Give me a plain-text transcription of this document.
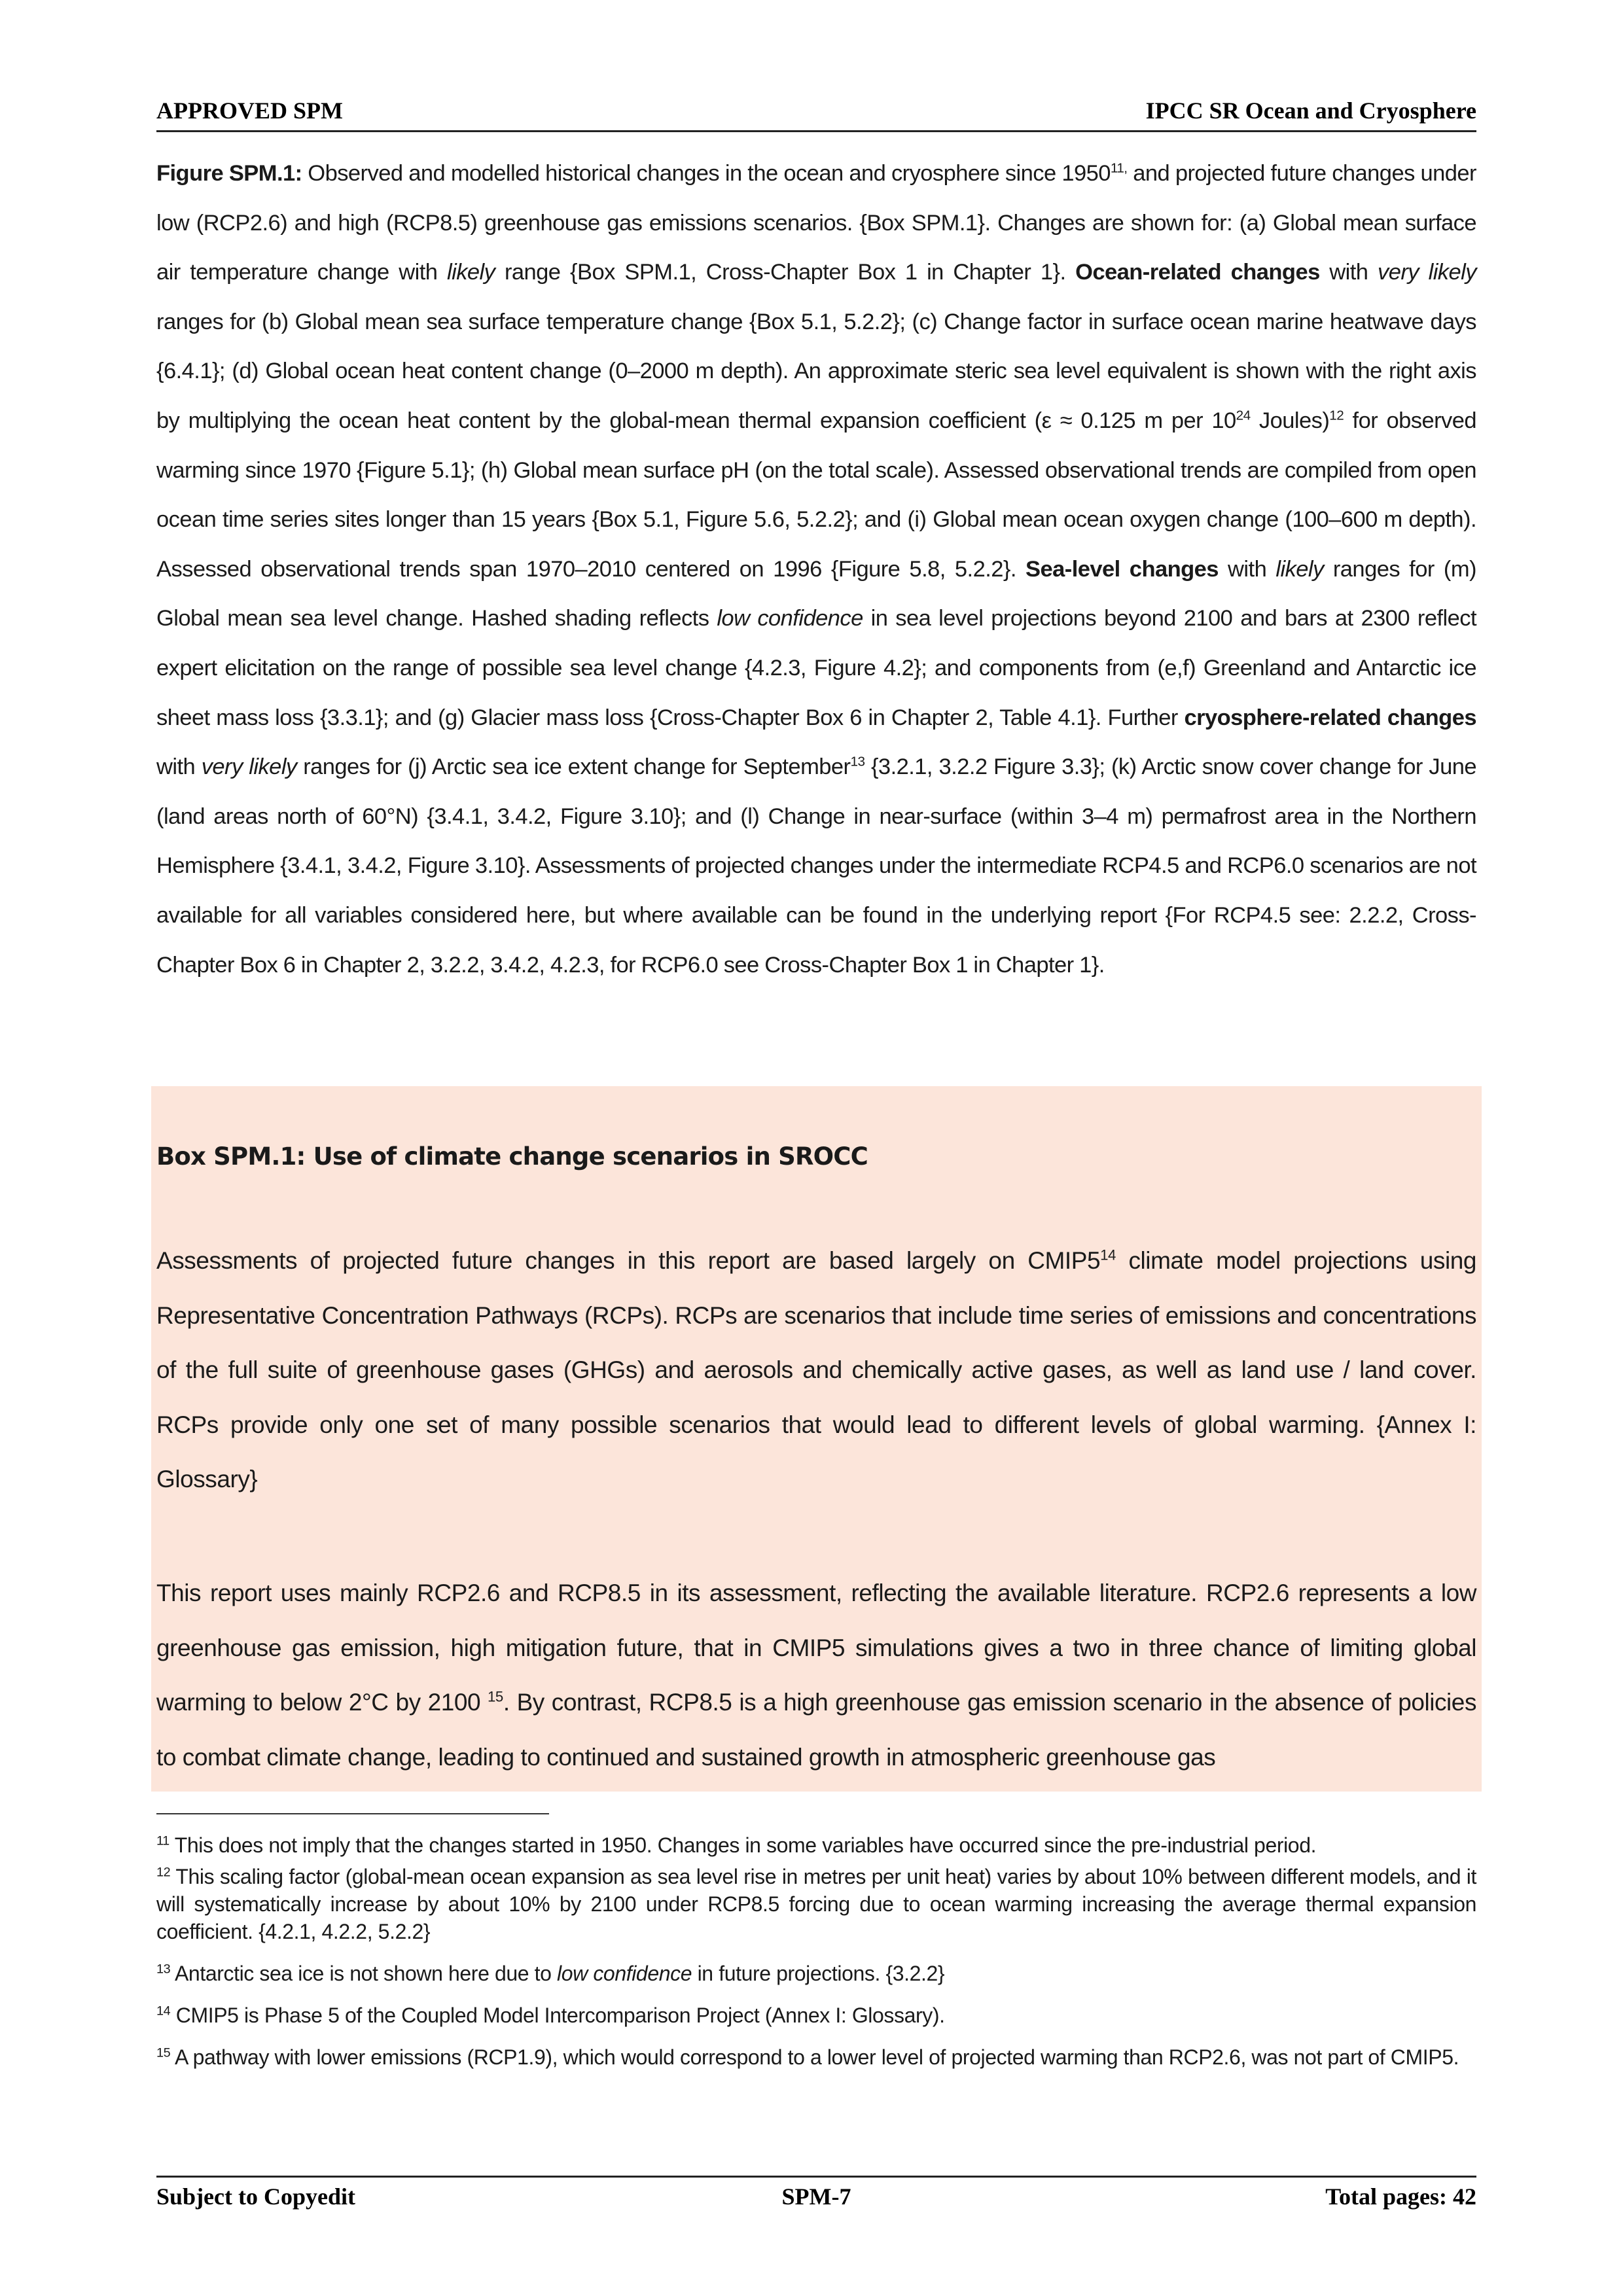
APPROVED SPM	IPCC SR Ocean and Cryosphere
Figure SPM.1: Observed and modelled historical changes in the ocean and cryosphere since $1950^{11,}$ and projected future changes under low (RCP2.6) and high (RCP8.5) greenhouse gas emissions scenarios. {Box SPM.1}. Changes are shown for: (a) Global mean surface air temperature change with likely range {Box SPM.1, Cross-Chapter Box 1 in Chapter 1}. Ocean-related changes with very likely ranges for (b) Global mean sea surface temperature change {Box 5.1, 5.2.2}; (c) Change factor in surface ocean marine heatwave days {6.4.1}; (d) Global ocean heat content change (0–2000 m depth). An approximate steric sea level equivalent is shown with the right axis by multiplying the ocean heat content by the global-mean thermal expansion coefficient (ε ≈ 0.125 m per $10^{24}$ Joules)$^{12}$ for observed warming since 1970 {Figure 5.1}; (h) Global mean surface pH (on the total scale). Assessed observational trends are compiled from open ocean time series sites longer than 15 years {Box 5.1, Figure 5.6, 5.2.2}; and (i) Global mean ocean oxygen change (100–600 m depth). Assessed observational trends span 1970–2010 centered on 1996 {Figure 5.8, 5.2.2}. Sea-level changes with likely ranges for (m) Global mean sea level change. Hashed shading reflects low confidence in sea level projections beyond 2100 and bars at 2300 reflect expert elicitation on the range of possible sea level change {4.2.3, Figure 4.2}; and components from (e,f) Greenland and Antarctic ice sheet mass loss {3.3.1}; and (g) Glacier mass loss {Cross-Chapter Box 6 in Chapter 2, Table 4.1}. Further cryosphere-related changes with very likely ranges for (j) Arctic sea ice extent change for September$^{13}$ {3.2.1, 3.2.2 Figure 3.3}; (k) Arctic snow cover change for June (land areas north of 60°N) {3.4.1, 3.4.2, Figure 3.10}; and (l) Change in near-surface (within 3–4 m) permafrost area in the Northern Hemisphere {3.4.1, 3.4.2, Figure 3.10}. Assessments of projected changes under the intermediate RCP4.5 and RCP6.0 scenarios are not available for all variables considered here, but where available can be found in the underlying report {For RCP4.5 see: 2.2.2, Cross-Chapter Box 6 in Chapter 2, 3.2.2, 3.4.2, 4.2.3, for RCP6.0 see Cross-Chapter Box 1 in Chapter 1}.
Box SPM.1: Use of climate change scenarios in SROCC
Assessments of projected future changes in this report are based largely on $CMIP5^{14}$ climate model projections using Representative Concentration Pathways (RCPs). RCPs are scenarios that include time series of emissions and concentrations of the full suite of greenhouse gases (GHGs) and aerosols and chemically active gases, as well as land use / land cover. RCPs provide only one set of many possible scenarios that would lead to different levels of global warming. {Annex I: Glossary}
This report uses mainly RCP2.6 and RCP8.5 in its assessment, reflecting the available literature. RCP2.6 represents a low greenhouse gas emission, high mitigation future, that in CMIP5 simulations gives a two in three chance of limiting global warming to below 2°C by 2100 $^{15}$. By contrast, RCP8.5 is a high greenhouse gas emission scenario in the absence of policies to combat climate change, leading to continued and sustained growth in atmospheric greenhouse gas
$^{11}$ This does not imply that the changes started in 1950. Changes in some variables have occurred since the pre-industrial period.
$^{12}$ This scaling factor (global-mean ocean expansion as sea level rise in metres per unit heat) varies by about 10% between different models, and it will systematically increase by about 10% by 2100 under RCP8.5 forcing due to ocean warming increasing the average thermal expansion coefficient. {4.2.1, 4.2.2, 5.2.2}
$^{13}$ Antarctic sea ice is not shown here due to low confidence in future projections. {3.2.2}
$^{14}$ CMIP5 is Phase 5 of the Coupled Model Intercomparison Project (Annex I: Glossary).
$^{15}$ A pathway with lower emissions (RCP1.9), which would correspond to a lower level of projected warming than RCP2.6, was not part of CMIP5.
Subject to Copyedit	SPM-7	Total pages: 42
